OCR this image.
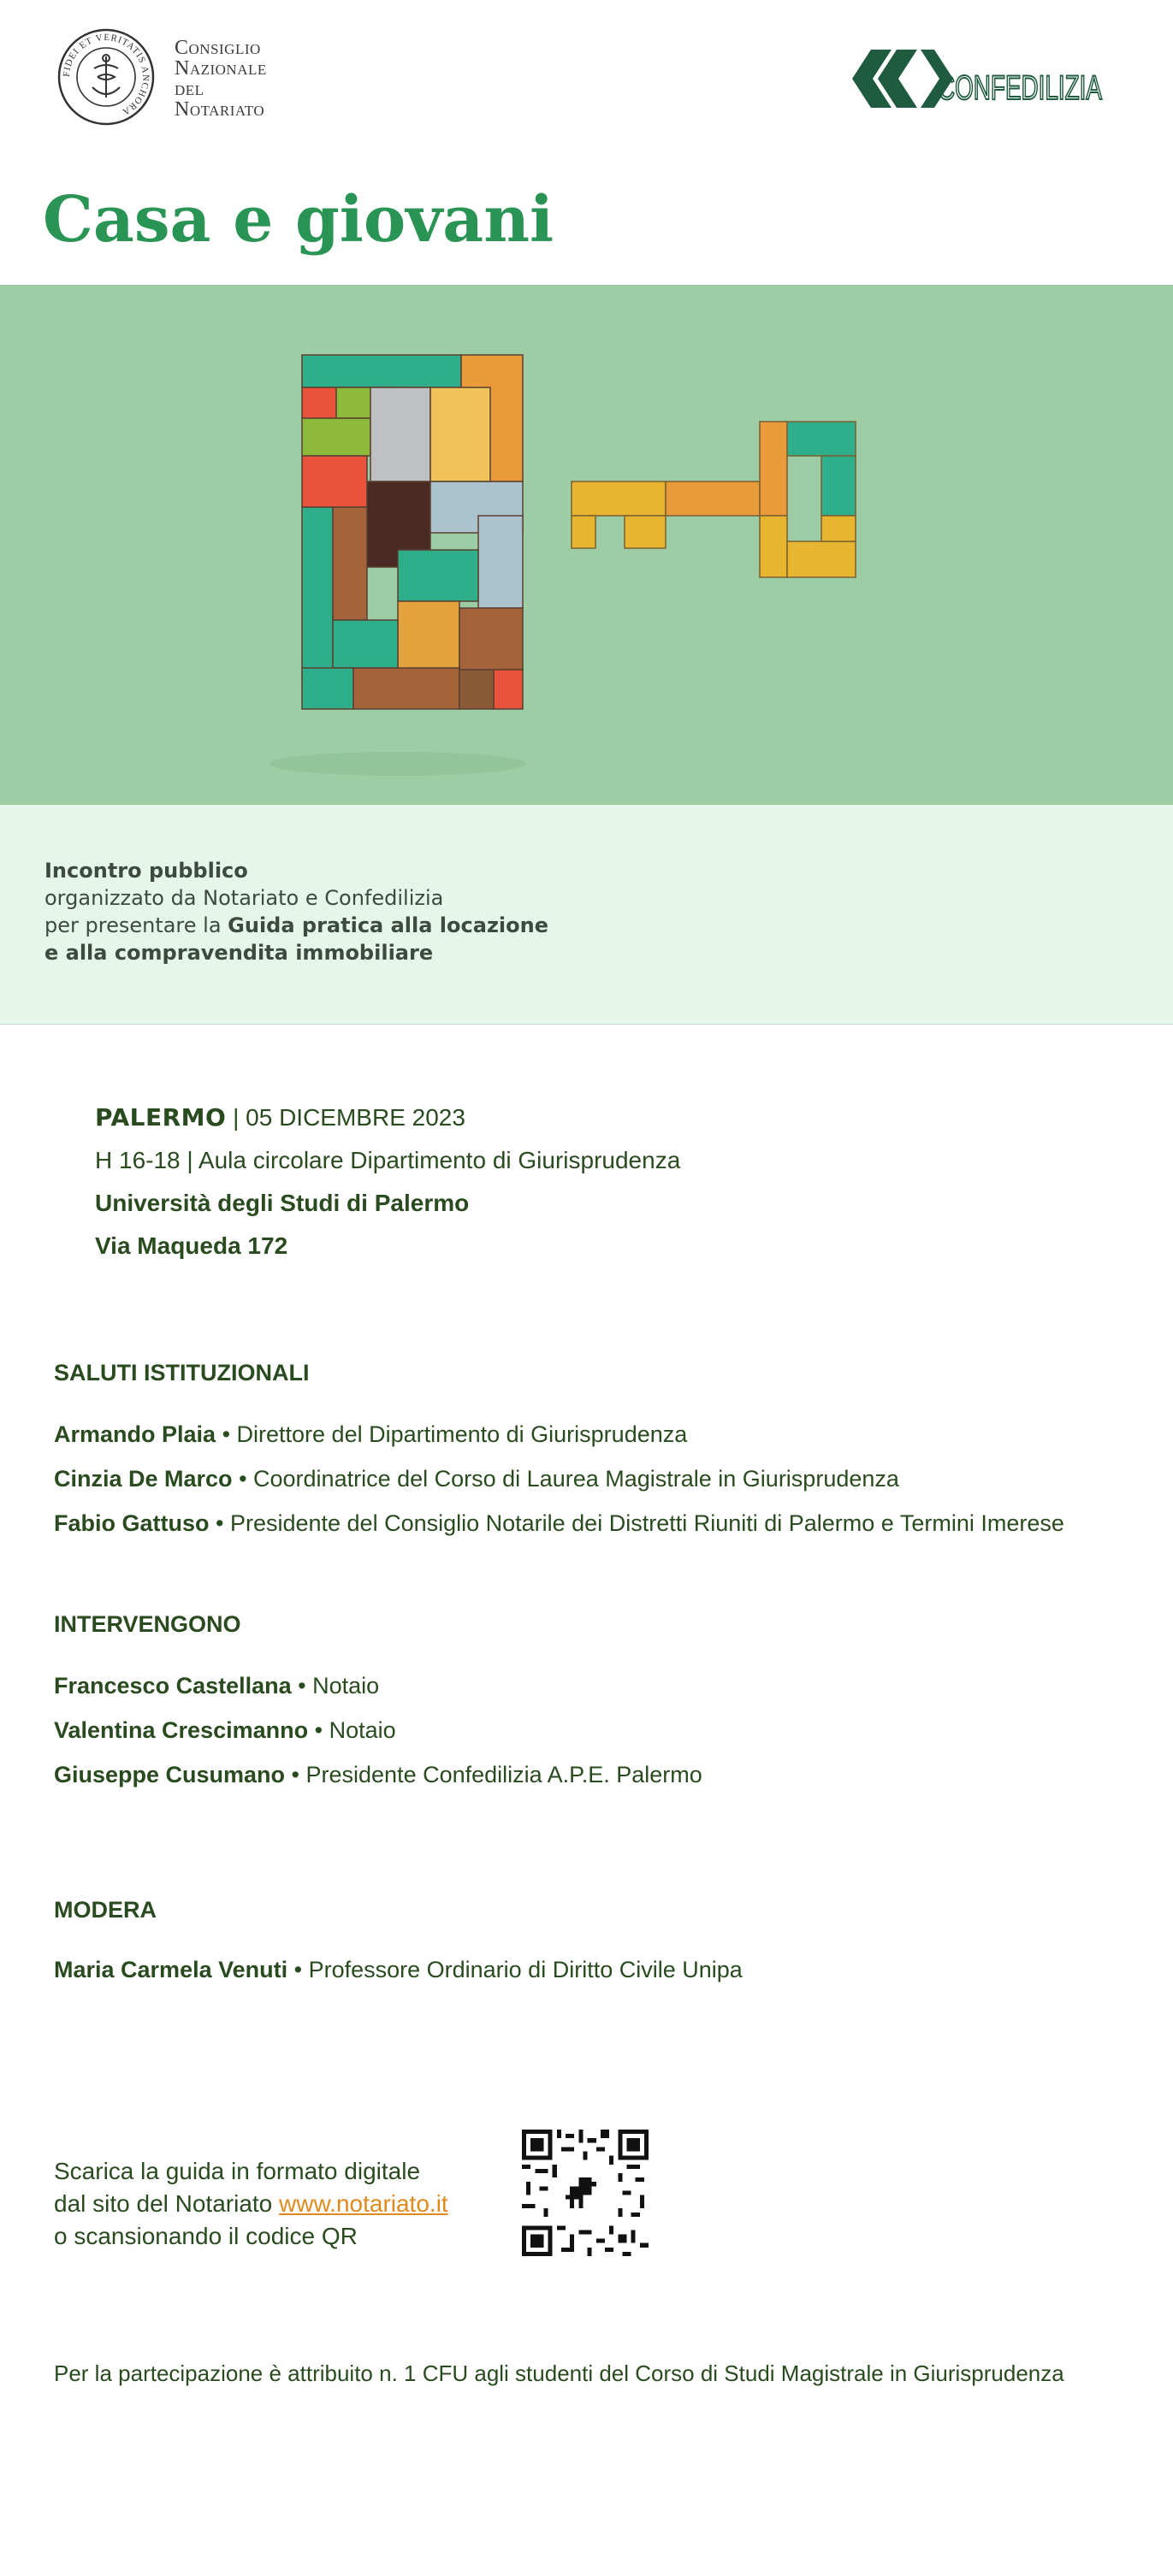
FIDEI ET VERITATIS ANCHORA
Consiglio
Nazionale
del
Notariato
CONFEDILIZIA
Casa e giovani
Incontro pubblico
organizzato da Notariato e Confedilizia
per presentare la Guida pratica alla locazione
e alla compravendita immobiliare
PALERMO | 05 DICEMBRE 2023
H 16-18 | Aula circolare Dipartimento di Giurisprudenza
Università degli Studi di Palermo
Via Maqueda 172
SALUTI ISTITUZIONALI
Armando Plaia • Direttore del Dipartimento di Giurisprudenza
Cinzia De Marco • Coordinatrice del Corso di Laurea Magistrale in Giurisprudenza
Fabio Gattuso • Presidente del Consiglio Notarile dei Distretti Riuniti di Palermo e Termini Imerese
INTERVENGONO
Francesco Castellana • Notaio
Valentina Crescimanno • Notaio
Giuseppe Cusumano • Presidente Confedilizia A.P.E. Palermo
MODERA
Maria Carmela Venuti • Professore Ordinario di Diritto Civile Unipa
Scarica la guida in formato digitale
dal sito del Notariato www.notariato.it
o scansionando il codice QR
Per la partecipazione è attribuito n. 1 CFU agli studenti del Corso di Studi Magistrale in Giurisprudenza
